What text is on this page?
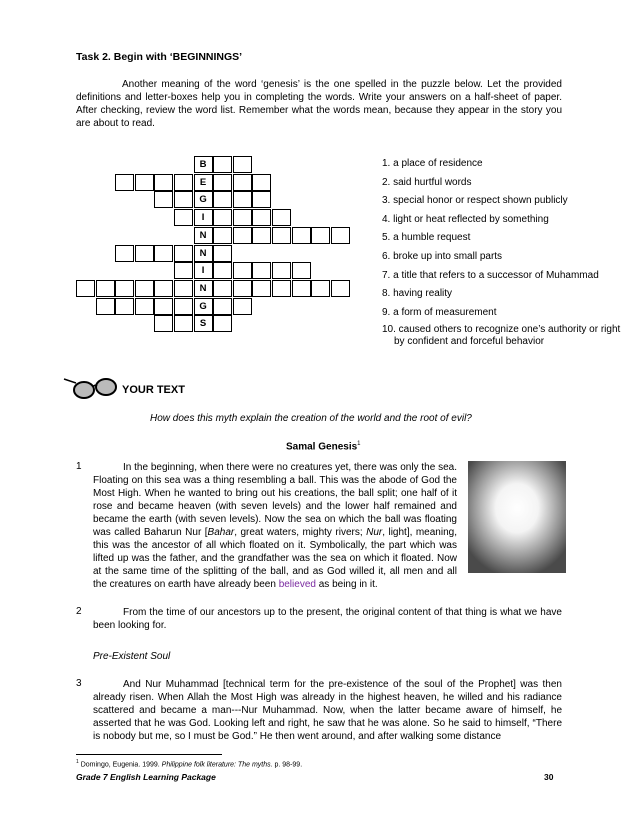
Task 2. Begin with ‘BEGINNINGS’

Another meaning of the word ‘genesis’ is the one spelled in the puzzle below. Let the provided definitions and letter-boxes help you in completing the words. Write your answers on a half-sheet of paper. After checking, review the word list. Remember what the words mean, because they appear in the story you are about to read.

B
E
G
I
N
N
I
N
G
S
1. a place of residence
2. said hurtful words
3. special honor or respect shown publicly
4. light or heat reflected by something
5. a humble request
6. broke up into small parts
7. a title that refers to a successor of Muhammad
8. having reality
9. a form of measurement
10. caused others to recognize one’s authority or right by confident and forceful behavior
YOUR TEXT
How does this myth explain the creation of the world and the root of evil?
Samal Genesis$^1$
1	In the beginning, when there were no creatures yet, there was only the sea. Floating on this sea was a thing resembling a ball. This was the abode of God the Most High. When he wanted to bring out his creations, the ball split; one half of it rose and became heaven (with seven levels) and the lower half remained and became the earth (with seven levels). Now the sea on which the ball was floating was called Baharun Nur [Bahar, great waters, mighty rivers; Nur, light], meaning, this was the ancestor of all which floated on it. Symbolically, the part which was lifted up was the father, and the grandfather was the sea on which it floated. Now at the same time of the splitting of the ball, and as God willed it, all men and all the creatures on earth have already been believed as being in it.

2	From the time of our ancestors up to the present, the original content of that thing is what we have been looking for.

Pre-Existent Soul
3	And Nur Muhammad [technical term for the pre-existence of the soul of the Prophet] was then already risen. When Allah the Most High was already in the highest heaven, he willed and his radiance scattered and became a man---Nur Muhammad. Now, when the latter became aware of himself, he asserted that he was God. Looking left and right, he saw that he was alone. So he said to himself, “There is nobody but me, so I must be God.” He then went around, and after walking some distance

$^1$ Domingo, Eugenia. 1999. Philippine folk literature: The myths. p. 98-99.
Grade 7 English Learning Package	30
